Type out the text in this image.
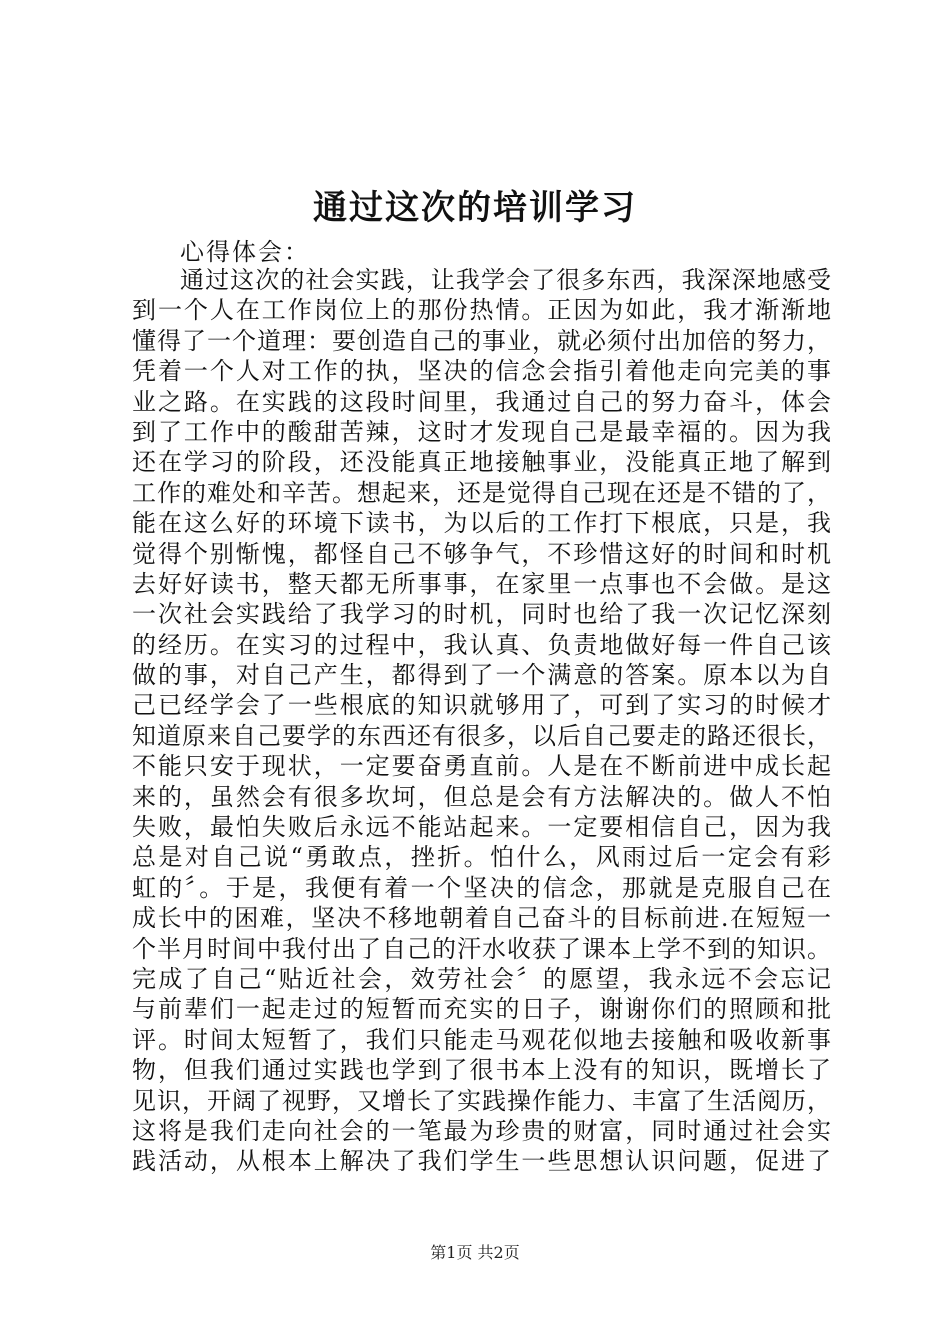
通过这次的培训学习
心得体会：
通过这次的社会实践，让我学会了很多东西，我深深地感受
到一个人在工作岗位上的那份热情。正因为如此，我才渐渐地
懂得了一个道理：要创造自己的事业，就必须付出加倍的努力，
凭着一个人对工作的执，坚决的信念会指引着他走向完美的事
业之路。在实践的这段时间里，我通过自己的努力奋斗，体会
到了工作中的酸甜苦辣，这时才发现自己是最幸福的。因为我
还在学习的阶段，还没能真正地接触事业，没能真正地了解到
工作的难处和辛苦。想起来，还是觉得自己现在还是不错的了，
能在这么好的环境下读书，为以后的工作打下根底，只是，我
觉得个别惭愧，都怪自己不够争气，不珍惜这好的时间和时机
去好好读书，整天都无所事事，在家里一点事也不会做。是这
一次社会实践给了我学习的时机，同时也给了我一次记忆深刻
的经历。在实习的过程中，我认真、负责地做好每一件自己该
做的事，对自己产生，都得到了一个满意的答案。原本以为自
己已经学会了一些根底的知识就够用了，可到了实习的时候才
知道原来自己要学的东西还有很多，以后自己要走的路还很长，
不能只安于现状，一定要奋勇直前。人是在不断前进中成长起
来的，虽然会有很多坎坷，但总是会有方法解决的。做人不怕
失败，最怕失败后永远不能站起来。一定要相信自己，因为我
总是对自己说“勇敢点，挫折。怕什么，风雨过后一定会有彩
虹的〞。于是，我便有着一个坚决的信念，那就是克服自己在
成长中的困难，坚决不移地朝着自己奋斗的目标前进.在短短一
个半月时间中我付出了自己的汗水收获了课本上学不到的知识。
完成了自己“贴近社会，效劳社会〞的愿望，我永远不会忘记
与前辈们一起走过的短暂而充实的日子，谢谢你们的照顾和批
评。时间太短暂了，我们只能走马观花似地去接触和吸收新事
物，但我们通过实践也学到了很书本上没有的知识，既增长了
见识，开阔了视野，又增长了实践操作能力、丰富了生活阅历，
这将是我们走向社会的一笔最为珍贵的财富，同时通过社会实
践活动，从根本上解决了我们学生一些思想认识问题，促进了
第1页 共2页
